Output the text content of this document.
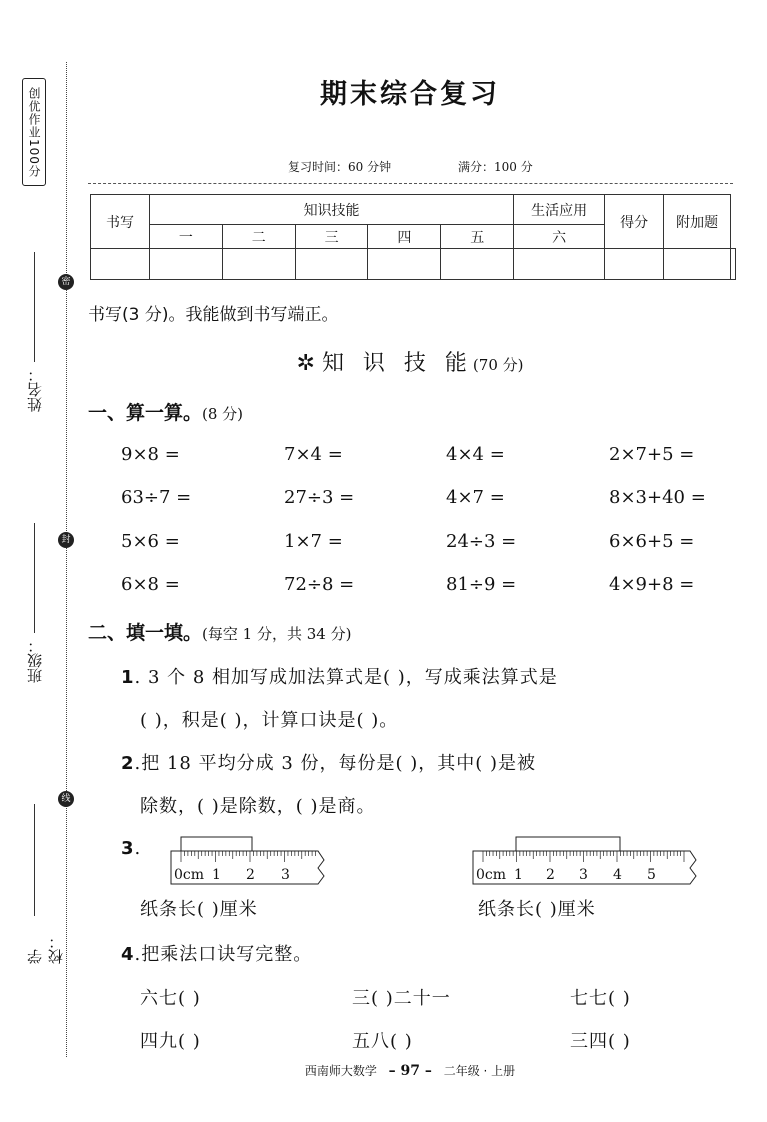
创优作业100分
密
封
线
姓名：
班级：
学校：
期末综合复习
复习时间：60 分钟	满分：100 分
书写	知识技能					生活应用	得分	附加题	
	一	二	三	四	五	六			

书写(3 分)。我能做到书写端正。
✲ 知 识 技 能(70 分)
一、算一算。(8 分)
9×8 =	7×4 =	4×4 =	2×7+5 =
63÷7 =	27÷3 =	4×7 =	8×3+40 =
5×6 =	1×7 =	24÷3 =	6×6+5 =
6×8 =	72÷8 =	81÷9 =	4×9+8 =
二、填一填。(每空 1 分，共 34 分)
1. 3 个 8 相加写成加法算式是( )，写成乘法算式是
( )，积是( )，计算口诀是( )。
2.把 18 平均分成 3 份，每份是( )，其中( )是被
除数，( )是除数，( )是商。
3.
0cm 1 2 3	0cm 1 2 3 4 5
纸条长( )厘米	纸条长( )厘米
4.把乘法口诀写完整。
六七( )	三( )二十一	七七( )
四九( )	五八( )	三四( )
西南师大数学 – 97 – 二年级 · 上册
